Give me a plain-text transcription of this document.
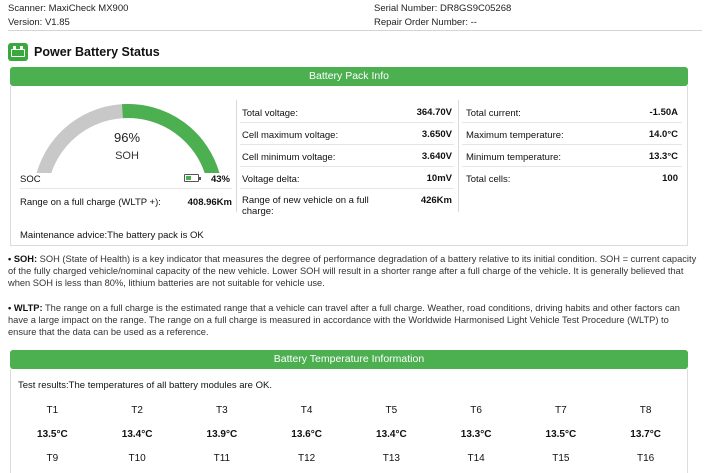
Scanner: MaxiCheck MX900
Version: V1.85
Serial Number: DR8GS9C05268
Repair Order Number: --
Power Battery Status
Battery Pack Info
96%
SOH
SOC	43%
Range on a full charge (WLTP +):	408.96Km
Total voltage:	364.70V
Cell maximum voltage:	3.650V
Cell minimum voltage:	3.640V
Voltage delta:	10mV
Range of new vehicle on a full charge:
426Km
Total current:	-1.50A
Maximum temperature:	14.0°C
Minimum temperature:	13.3°C
Total cells:	100
Maintenance advice:The battery pack is OK
• SOH: SOH (State of Health) is a key indicator that measures the degree of performance degradation of a battery relative to its initial condition. SOH = current capacity of the fully charged vehicle/nominal capacity of the new vehicle. Lower SOH will result in a shorter range after a full charge of the vehicle. It is generally believed that when SOH is less than 80%, lithium batteries are not suitable for vehicle use.
• WLTP: The range on a full charge is the estimated range that a vehicle can travel after a full charge. Weather, road conditions, driving habits and other factors can have a large impact on the range. The range on a full charge is measured in accordance with the Worldwide Harmonised Light Vehicle Test Procedure (WLTP) to ensure that the data can be used as a reference.
Battery Temperature Information
Test results:The temperatures of all battery modules are OK.
T1	T2	T3	T4	T5	T6	T7	T8
13.5°C	13.4°C	13.9°C	13.6°C	13.4°C	13.3°C	13.5°C	13.7°C
T9	T10	T11	T12	T13	T14	T15	T16
